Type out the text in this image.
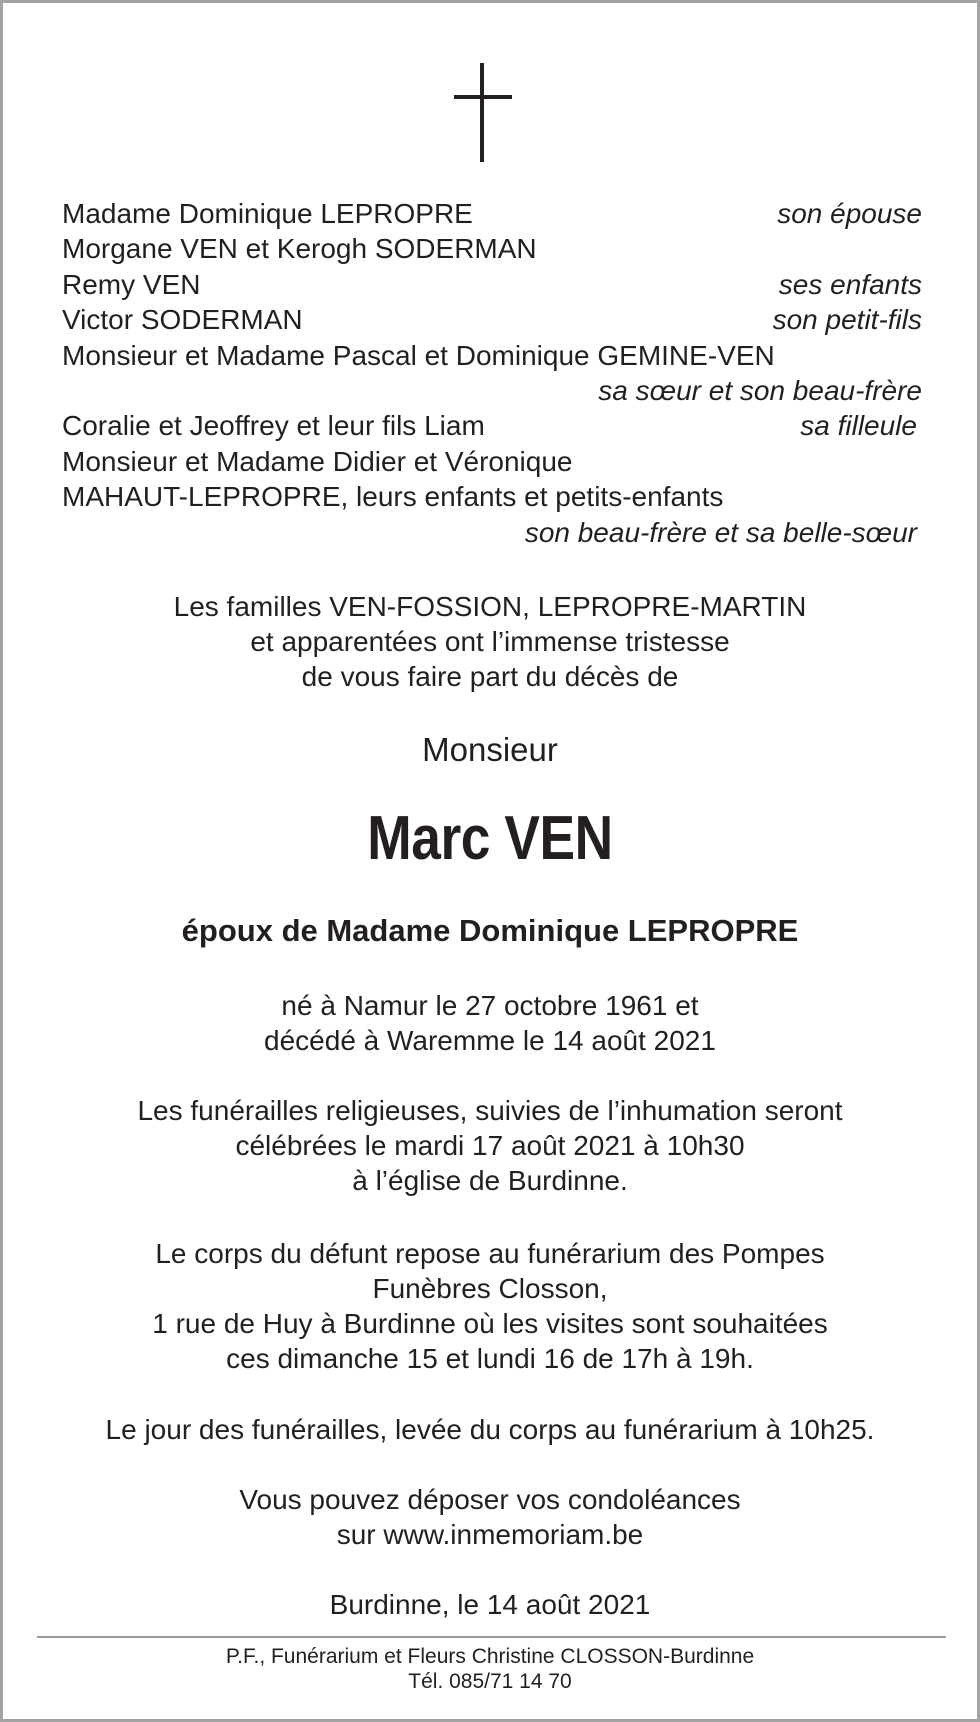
Madame Dominique LEPROPRE	son épouse
Morgane VEN et Kerogh SODERMAN
Remy VEN	ses enfants
Victor SODERMAN	son petit-fils
Monsieur et Madame Pascal et Dominique GEMINE-VEN
sa sœur et son beau-frère
Coralie et Jeoffrey et leur fils Liam	sa filleule
Monsieur et Madame Didier et Véronique
MAHAUT-LEPROPRE, leurs enfants et petits-enfants
son beau-frère et sa belle-sœur

Les familles VEN-FOSSION, LEPROPRE-MARTIN

et apparentées ont l’immense tristesse

de vous faire part du décès de

Monsieur
Marc VEN
époux de Madame Dominique LEPROPRE

né à Namur le 27 octobre 1961 et

décédé à Waremme le 14 août 2021

Les funérailles religieuses, suivies de l’inhumation seront

célébrées le mardi 17 août 2021 à 10h30

à l’église de Burdinne.

Le corps du défunt repose au funérarium des Pompes

Funèbres Closson,

1 rue de Huy à Burdinne où les visites sont souhaitées

ces dimanche 15 et lundi 16 de 17h à 19h.

Le jour des funérailles, levée du corps au funérarium à 10h25.

Vous pouvez déposer vos condoléances

sur www.inmemoriam.be

Burdinne, le 14 août 2021

P.F., Funérarium et Fleurs Christine CLOSSON-Burdinne

Tél. 085/71 14 70
